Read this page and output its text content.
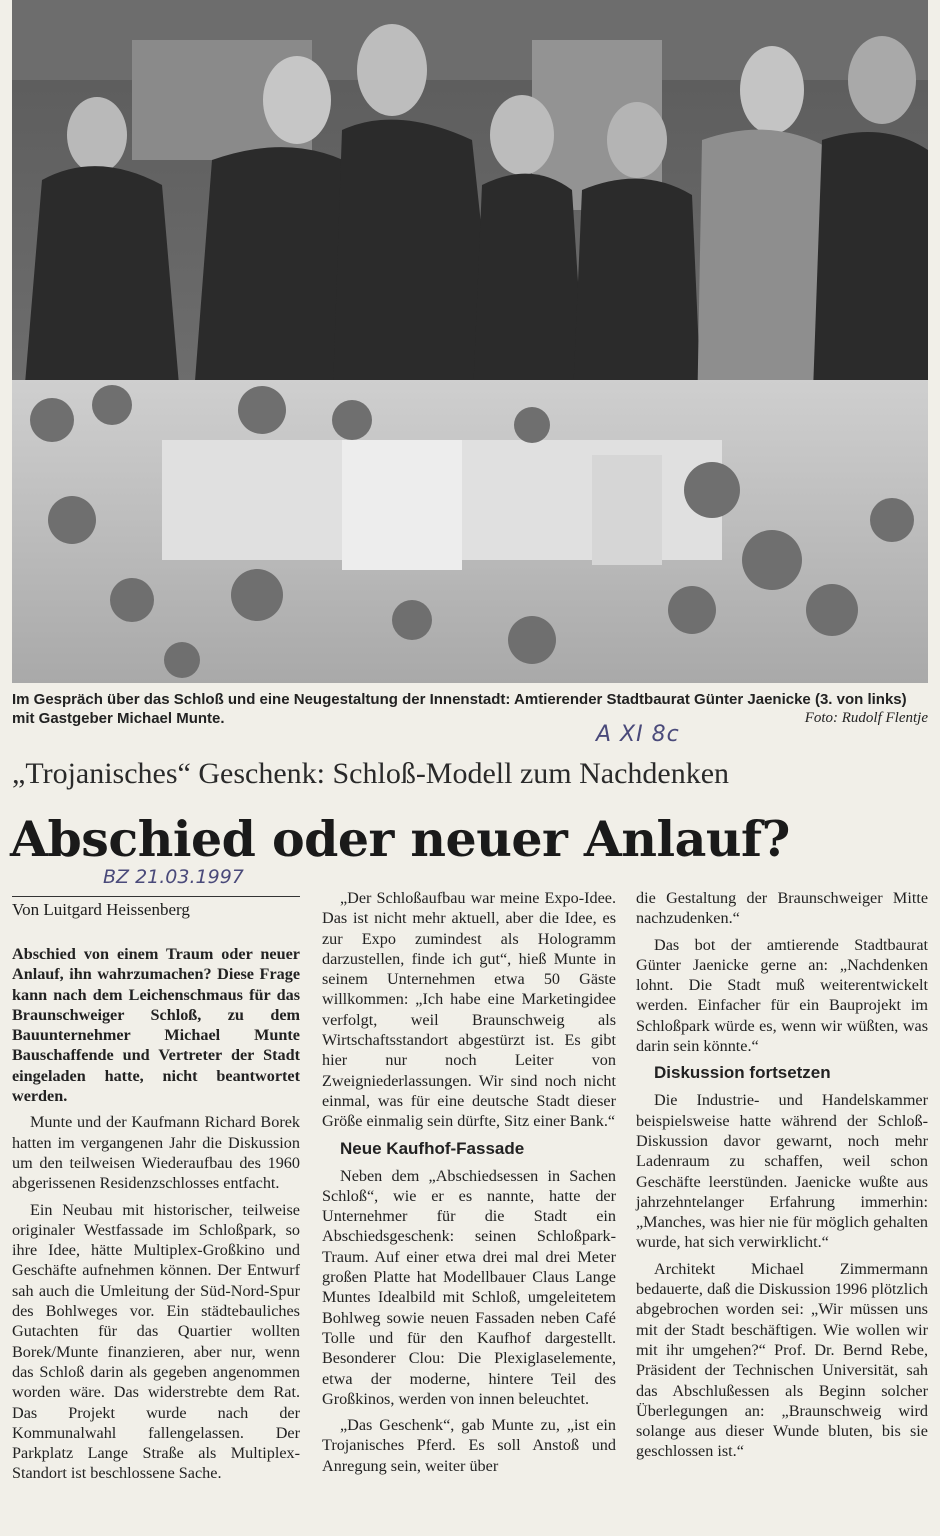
Im Gespräch über das Schloß und eine Neugestaltung der Innenstadt: Amtierender Stadtbaurat Günter Jaenicke (3. von links) mit Gastgeber Michael Munte.	Foto: Rudolf Flentje
A XI 8c
„Trojanisches“ Geschenk: Schloß-Modell zum Nachdenken
Abschied oder neuer Anlauf?
BZ 21.03.1997
Von Luitgard Heissenberg

Abschied von einem Traum oder neuer Anlauf, ihn wahrzumachen? Diese Frage kann nach dem Leichenschmaus für das Braunschweiger Schloß, zu dem Bauunternehmer Michael Munte Bauschaffende und Vertreter der Stadt eingeladen hatte, nicht beantwortet werden.

Munte und der Kaufmann Richard Borek hatten im vergangenen Jahr die Diskussion um den teilweisen Wiederaufbau des 1960 abgerissenen Residenzschlosses entfacht.

Ein Neubau mit historischer, teilweise originaler Westfassade im Schloßpark, so ihre Idee, hätte Multiplex-Großkino und Geschäfte aufnehmen können. Der Entwurf sah auch die Umleitung der Süd-Nord-Spur des Bohlweges vor. Ein städtebauliches Gutachten für das Quartier wollten Borek/Munte finanzieren, aber nur, wenn das Schloß darin als gegeben angenommen worden wäre. Das widerstrebte dem Rat. Das Projekt wurde nach der Kommunalwahl fallengelassen. Der Parkplatz Lange Straße als Multiplex-Standort ist beschlossene Sache.

„Der Schloßaufbau war meine Expo-Idee. Das ist nicht mehr aktuell, aber die Idee, es zur Expo zumindest als Hologramm darzustellen, finde ich gut“, hieß Munte in seinem Unternehmen etwa 50 Gäste willkommen: „Ich habe eine Marketingidee verfolgt, weil Braunschweig als Wirtschaftsstandort abgestürzt ist. Es gibt hier nur noch Leiter von Zweigniederlassungen. Wir sind noch nicht einmal, was für eine deutsche Stadt dieser Größe einmalig sein dürfte, Sitz einer Bank.“

Neue Kaufhof-Fassade

Neben dem „Abschiedsessen in Sachen Schloß“, wie er es nannte, hatte der Unternehmer für die Stadt ein Abschiedsgeschenk: seinen Schloßpark-Traum. Auf einer etwa drei mal drei Meter großen Platte hat Modellbauer Claus Lange Muntes Idealbild mit Schloß, umgeleitetem Bohlweg sowie neuen Fassaden neben Café Tolle und für den Kaufhof dargestellt. Besonderer Clou: Die Plexiglaselemente, etwa der moderne, hintere Teil des Großkinos, werden von innen beleuchtet.

„Das Geschenk“, gab Munte zu, „ist ein Trojanisches Pferd. Es soll Anstoß und Anregung sein, weiter über

die Gestaltung der Braunschweiger Mitte nachzudenken.“

Das bot der amtierende Stadtbaurat Günter Jaenicke gerne an: „Nachdenken lohnt. Die Stadt muß weiterentwickelt werden. Einfacher für ein Bauprojekt im Schloßpark würde es, wenn wir wüßten, was darin sein könnte.“

Diskussion fortsetzen

Die Industrie- und Handelskammer beispielsweise hatte während der Schloß-Diskussion davor gewarnt, noch mehr Ladenraum zu schaffen, weil schon Geschäfte leerstünden. Jaenicke wußte aus jahrzehntelanger Erfahrung immerhin: „Manches, was hier nie für möglich gehalten wurde, hat sich verwirklicht.“

Architekt Michael Zimmermann bedauerte, daß die Diskussion 1996 plötzlich abgebrochen worden sei: „Wir müssen uns mit der Stadt beschäftigen. Wie wollen wir mit ihr umgehen?“ Prof. Dr. Bernd Rebe, Präsident der Technischen Universität, sah das Abschlußessen als Beginn solcher Überlegungen an: „Braunschweig wird solange aus dieser Wunde bluten, bis sie geschlossen ist.“
